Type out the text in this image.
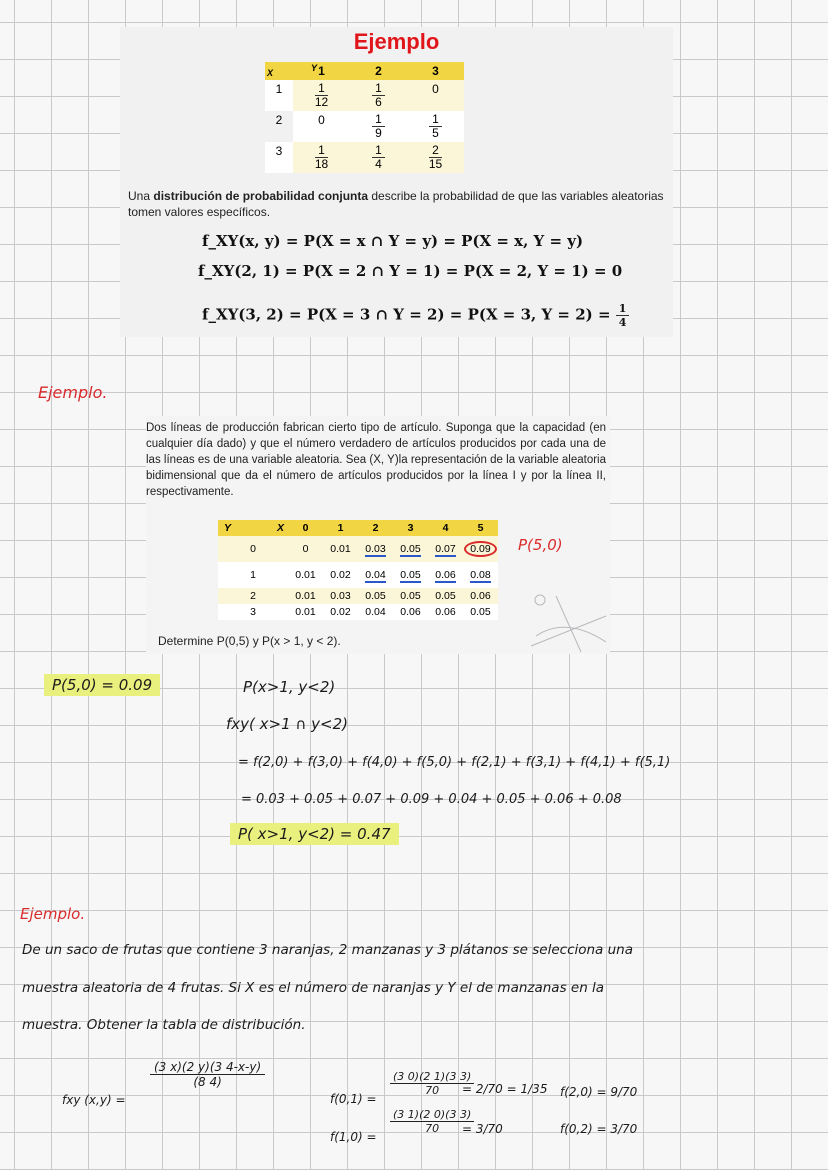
Ejemplo
X Y	1	2	3
1	$\frac{1}{12}$	$\frac{1}{6}$	0
2	0	$\frac{1}{9}$	$\frac{1}{5}$

3	$\frac{1}{18}$	$\frac{1}{4}$	$\frac{2}{15}$
Una distribución de probabilidad conjunta describe la probabilidad de que las variables aleatorias tomen valores específicos.
f_XY(x, y) = P(X = x ∩ Y = y) = P(X = x, Y = y)
f_XY(2, 1) = P(X = 2 ∩ Y = 1) = P(X = 2, Y = 1) = 0
f_XY(3, 2) = P(X = 3 ∩ Y = 2) = P(X = 3, $Y = 2) = \frac{1}{4}$
Ejemplo.
Dos líneas de producción fabrican cierto tipo de artículo. Suponga que la capacidad (en cualquier día dado) y que el número verdadero de artículos producidos por cada una de las líneas es de una variable aleatoria. Sea (X, Y)la representación de la variable aleatoria bidimensional que da el número de artículos producidos por la línea I y por la línea II, respectivamente.
Y X	0	1	2	3	4	5
0	0	0.01	0.03	0.05	0.07	0.09
1	0.01	0.02	0.04	0.05	0.06	0.08
2	0.01	0.03	0.05	0.05	0.05	0.06
3	0.01	0.02	0.04	0.06	0.06	0.05
Determine P(0,5) y P(x > 1, y < 2).
P(5,0)
P(5,0) = 0.09	P(x>1, y<2)
fxy( x>1 ∩ y<2)
= f(2,0) + f(3,0) + f(4,0) + f(5,0) + f(2,1) + f(3,1) + f(4,1) + f(5,1)
= 0.03 + 0.05 + 0.07 + 0.09 + 0.04 + 0.05 + 0.06 + 0.08
P( x>1, y<2) = 0.47
Ejemplo.
De un saco de frutas que contiene 3 naranjas, 2 manzanas y 3 plátanos se selecciona una
muestra aleatoria de 4 frutas. Si X es el número de naranjas y Y el de manzanas en la
muestra. Obtener la tabla de distribución.
fxy (x,y) =
(3 x)(2 y)(3 4-x-y)
(8 4)
f(0,1) =
(3 0)(2 1)(3 3)
70	= 2/70 = 1/35
f(1,0) =
(3 1)(2 0)(3 3)
70	= 3/70
f(2,0) = 9/70
f(0,2) = 3/70
